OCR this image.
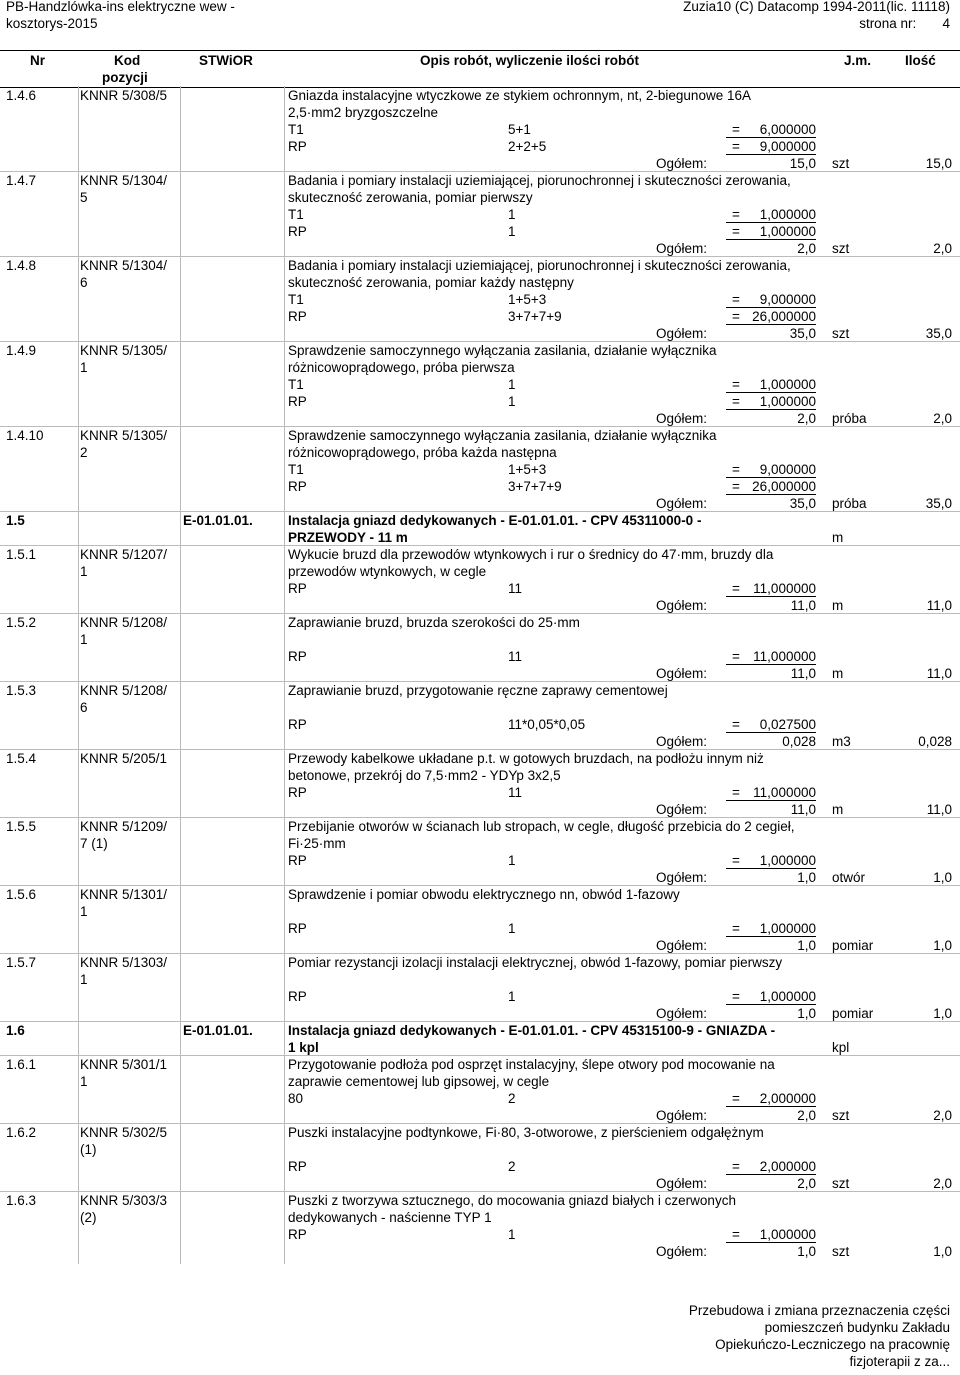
PB-Handzlówka-ins elektryczne wew -
kosztorys-2015
Zuzia10 (C) Datacomp 1994-2011(lic. 11118)
strona nr: 4
Nr	Kod
pozycji
STWiOR	Opis robót, wyliczenie ilości robót	J.m.	Ilość
1.4.6	KNNR 5/308/5	Gniazda instalacyjne wtyczkowe ze stykiem ochronnym, nt, 2-biegunowe 16A
2,5·mm2 bryzgoszczelne
T1	5+1	=	6,000000
RP	2+2+5	=	9,000000
Ogółem:	15,0 szt	15,0
1.4.7	KNNR 5/1304/
5
Badania i pomiary instalacji uziemiającej, piorunochronnej i skuteczności zerowania,
skuteczność zerowania, pomiar pierwszy
T1	1	=	1,000000
RP	1	=	1,000000
Ogółem:	2,0 szt	2,0
1.4.8	KNNR 5/1304/
6
Badania i pomiary instalacji uziemiającej, piorunochronnej i skuteczności zerowania,
skuteczność zerowania, pomiar każdy następny
T1	1+5+3	=	9,000000
RP	3+7+7+9	= 26,000000
Ogółem:	35,0 szt	35,0
1.4.9	KNNR 5/1305/
1
Sprawdzenie samoczynnego wyłączania zasilania, działanie wyłącznika
różnicowoprądowego, próba pierwsza
T1	1	=	1,000000
RP	1	=	1,000000
Ogółem:	2,0 próba	2,0
1.4.10	KNNR 5/1305/
2
Sprawdzenie samoczynnego wyłączania zasilania, działanie wyłącznika
różnicowoprądowego, próba każda następna
T1	1+5+3	=	9,000000
RP	3+7+7+9	= 26,000000
Ogółem:	35,0 próba	35,0
1.5	E-01.01.01.	Instalacja gniazd dedykowanych - E-01.01.01. - CPV 45311000-0 -
PRZEWODY - 11 m	m
1.5.1	KNNR 5/1207/
1
Wykucie bruzd dla przewodów wtynkowych i rur o średnicy do 47·mm, bruzdy dla
przewodów wtynkowych, w cegle
RP	11	= 11,000000
Ogółem:	11,0 m	11,0
1.5.2	KNNR 5/1208/
1
Zaprawianie bruzd, bruzda szerokości do 25·mm
RP	11	= 11,000000
Ogółem:	11,0 m	11,0
1.5.3	KNNR 5/1208/
6
Zaprawianie bruzd, przygotowanie ręczne zaprawy cementowej
RP	11*0,05*0,05	=	0,027500
Ogółem:	0,028 m3	0,028
1.5.4	KNNR 5/205/1	Przewody kabelkowe układane p.t. w gotowych bruzdach, na podłożu innym niż
betonowe, przekrój do 7,5·mm2 - YDYp 3x2,5
RP	11	= 11,000000
Ogółem:	11,0 m	11,0
1.5.5	KNNR 5/1209/
7 (1)
Przebijanie otworów w ścianach lub stropach, w cegle, długość przebicia do 2 cegieł,
Fi·25·mm
RP	1	=	1,000000
Ogółem:	1,0 otwór	1,0
1.5.6	KNNR 5/1301/
1
Sprawdzenie i pomiar obwodu elektrycznego nn, obwód 1-fazowy
RP	1	=	1,000000
Ogółem:	1,0 pomiar	1,0
1.5.7	KNNR 5/1303/
1
Pomiar rezystancji izolacji instalacji elektrycznej, obwód 1-fazowy, pomiar pierwszy
RP	1	=	1,000000
Ogółem:	1,0 pomiar	1,0
1.6	E-01.01.01.	Instalacja gniazd dedykowanych - E-01.01.01. - CPV 45315100-9 - GNIAZDA -
1 kpl	kpl
1.6.1	KNNR 5/301/1
1
Przygotowanie podłoża pod osprzęt instalacyjny, ślepe otwory pod mocowanie na
zaprawie cementowej lub gipsowej, w cegle
80	2	=	2,000000
Ogółem:	2,0 szt	2,0
1.6.2	KNNR 5/302/5
(1)
Puszki instalacyjne podtynkowe, Fi·80, 3-otworowe, z pierścieniem odgałężnym
RP	2	=	2,000000
Ogółem:	2,0 szt	2,0
1.6.3	KNNR 5/303/3
(2)
Puszki z tworzywa sztucznego, do mocowania gniazd białych i czerwonych
dedykowanych - naścienne TYP 1
RP	1	=	1,000000
Ogółem:	1,0 szt	1,0
Przebudowa i zmiana przeznaczenia części
pomieszczeń budynku Zakładu
Opiekuńczo-Leczniczego na pracownię
fizjoterapii z za...
